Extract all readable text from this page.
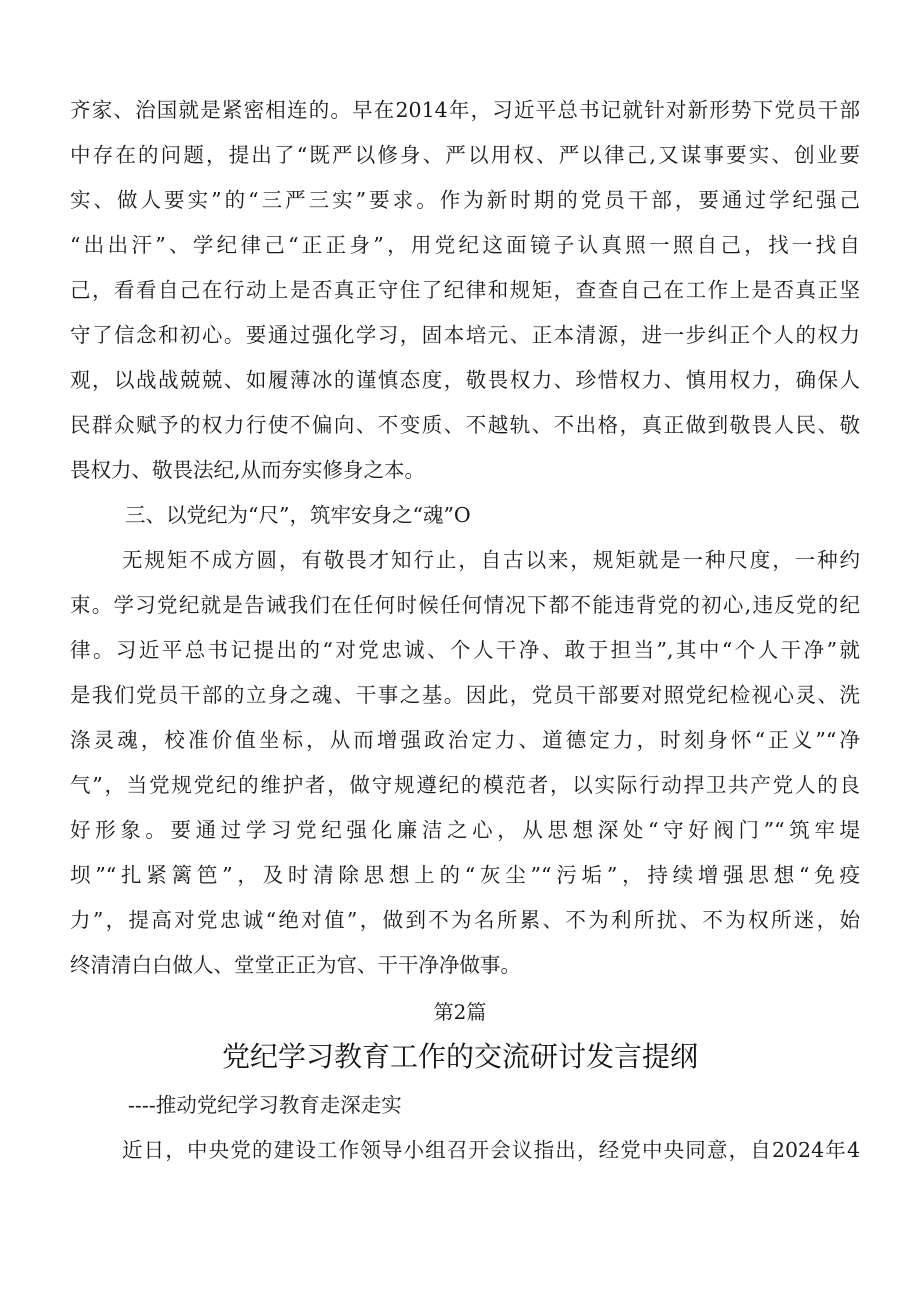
齐家、治国就是紧密相连的。早在2014年，习近平总书记就针对新形势下党员干部
中存在的问题，提出了“既严以修身、严以用权、严以律己,又谋事要实、创业要
实、做人要实”的“三严三实”要求。作为新时期的党员干部，要通过学纪强己
“出出汗”、学纪律己“正正身”，用党纪这面镜子认真照一照自己，找一找自
己，看看自己在行动上是否真正守住了纪律和规矩，查查自己在工作上是否真正坚
守了信念和初心。要通过强化学习，固本培元、正本清源，进一步纠正个人的权力
观，以战战兢兢、如履薄冰的谨慎态度，敬畏权力、珍惜权力、慎用权力，确保人
民群众赋予的权力行使不偏向、不变质、不越轨、不出格，真正做到敬畏人民、敬
畏权力、敬畏法纪,从而夯实修身之本。
三、以党纪为“尺”，筑牢安身之“魂”O
无规矩不成方圆，有敬畏才知行止，自古以来，规矩就是一种尺度，一种约
束。学习党纪就是告诫我们在任何时候任何情况下都不能违背党的初心,违反党的纪
律。习近平总书记提出的“对党忠诚、个人干净、敢于担当”,其中“个人干净”就
是我们党员干部的立身之魂、干事之基。因此，党员干部要对照党纪检视心灵、洗
涤灵魂，校准价值坐标，从而增强政治定力、道德定力，时刻身怀“正义”“净
气”，当党规党纪的维护者，做守规遵纪的模范者，以实际行动捍卫共产党人的良
好形象。要通过学习党纪强化廉洁之心，从思想深处“守好阀门”“筑牢堤
坝”“扎紧篱笆”，及时清除思想上的“灰尘”“污垢”，持续增强思想“免疫
力”，提高对党忠诚“绝对值”，做到不为名所累、不为利所扰、不为权所迷，始
终清清白白做人、堂堂正正为官、干干净净做事。
第2篇
党纪学习教育工作的交流研讨发言提纲
----推动党纪学习教育走深走实
近日，中央党的建设工作领导小组召开会议指出，经党中央同意，自2024年4
